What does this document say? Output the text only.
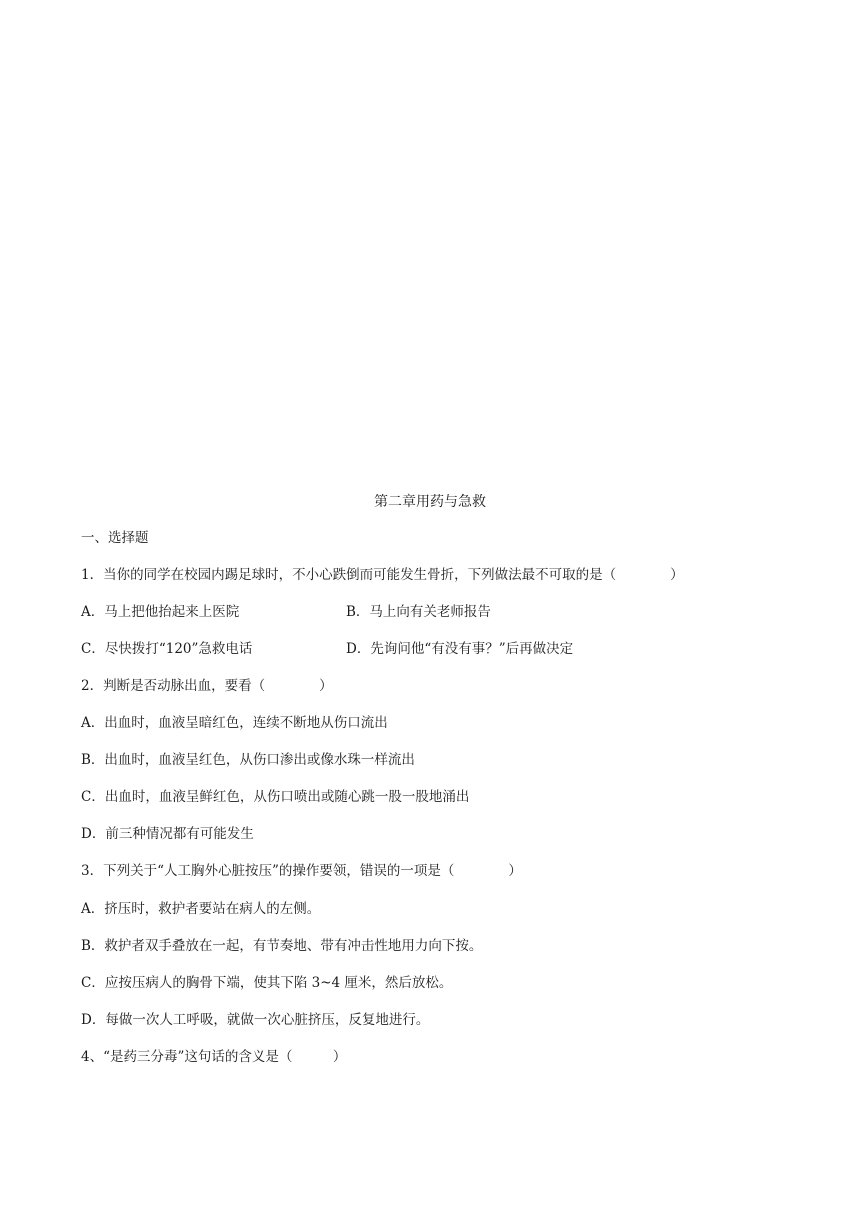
第二章用药与急救
一、选择题
1．当你的同学在校园内踢足球时，不小心跌倒而可能发生骨折，下列做法最不可取的是（　　　　）
A．马上把他抬起来上医院	B．马上向有关老师报告
C．尽快拨打“120”急救电话	D．先询问他“有没有事？”后再做决定
2．判断是否动脉出血，要看（　　　　）
A．出血时，血液呈暗红色，连续不断地从伤口流出
B．出血时，血液呈红色，从伤口渗出或像水珠一样流出
C．出血时，血液呈鲜红色，从伤口喷出或随心跳一股一股地涌出
D．前三种情况都有可能发生
3．下列关于“人工胸外心脏按压”的操作要领，错误的一项是（　　　　）
A．挤压时，救护者要站在病人的左侧。
B．救护者双手叠放在一起，有节奏地、带有冲击性地用力向下按。
C．应按压病人的胸骨下端，使其下陷 3~4 厘米，然后放松。
D．每做一次人工呼吸，就做一次心脏挤压，反复地进行。
4、“是药三分毒”这句话的含义是（　　　）
